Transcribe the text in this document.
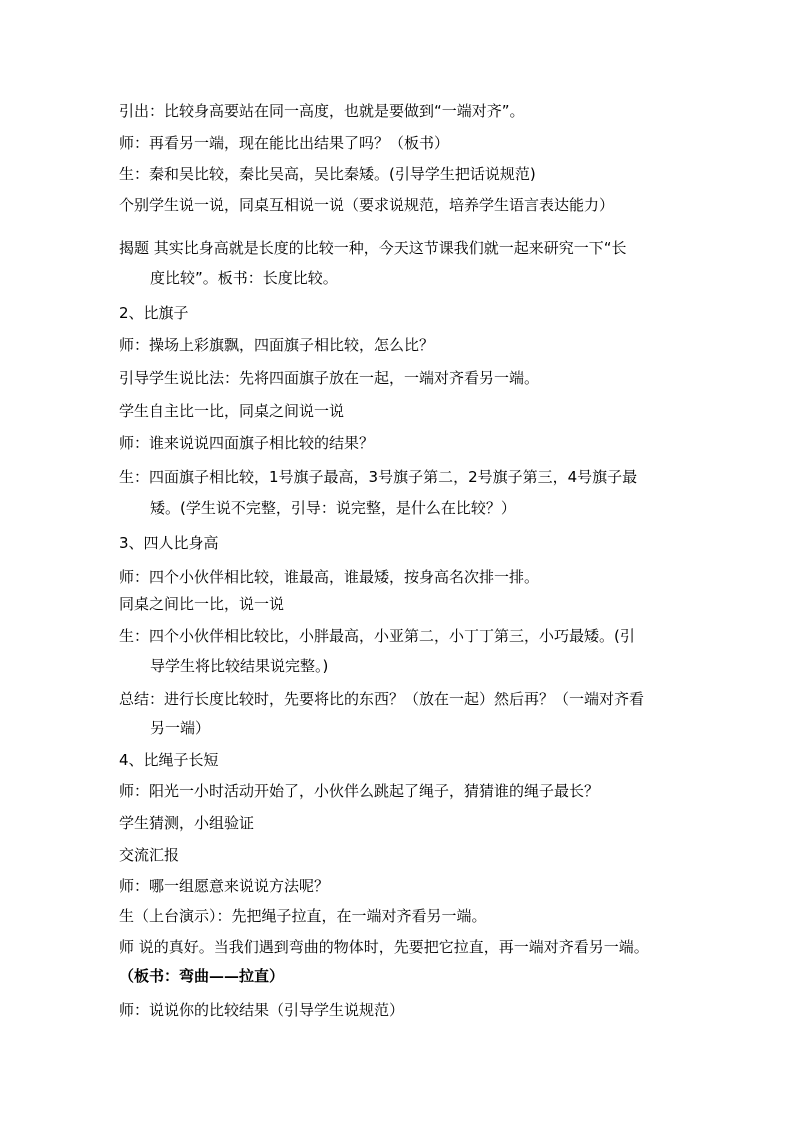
引出：比较身高要站在同一高度，也就是要做到“一端对齐”。

师：再看另一端，现在能比出结果了吗？（板书）

生：秦和吴比较，秦比吴高，吴比秦矮。(引导学生把话说规范)

个别学生说一说，同桌互相说一说（要求说规范，培养学生语言表达能力）

揭题 其实比身高就是长度的比较一种，今天这节课我们就一起来研究一下“长

度比较”。板书：长度比较。

2、比旗子

师：操场上彩旗飘，四面旗子相比较，怎么比？

引导学生说比法：先将四面旗子放在一起，一端对齐看另一端。

学生自主比一比，同桌之间说一说

师：谁来说说四面旗子相比较的结果？

生：四面旗子相比较，1号旗子最高，3号旗子第二，2号旗子第三，4号旗子最

矮。(学生说不完整，引导：说完整，是什么在比较？）

3、四人比身高

师：四个小伙伴相比较，谁最高，谁最矮，按身高名次排一排。

同桌之间比一比，说一说

生：四个小伙伴相比较比，小胖最高，小亚第二，小丁丁第三，小巧最矮。(引

导学生将比较结果说完整。)

总结：进行长度比较时，先要将比的东西？（放在一起）然后再？（一端对齐看

另一端）

4、比绳子长短

师：阳光一小时活动开始了，小伙伴么跳起了绳子，猜猜谁的绳子最长？

学生猜测，小组验证

交流汇报

师：哪一组愿意来说说方法呢？

生（上台演示）：先把绳子拉直，在一端对齐看另一端。

师 说的真好。当我们遇到弯曲的物体时，先要把它拉直，再一端对齐看另一端。

（板书：弯曲——拉直）

师：说说你的比较结果（引导学生说规范）
